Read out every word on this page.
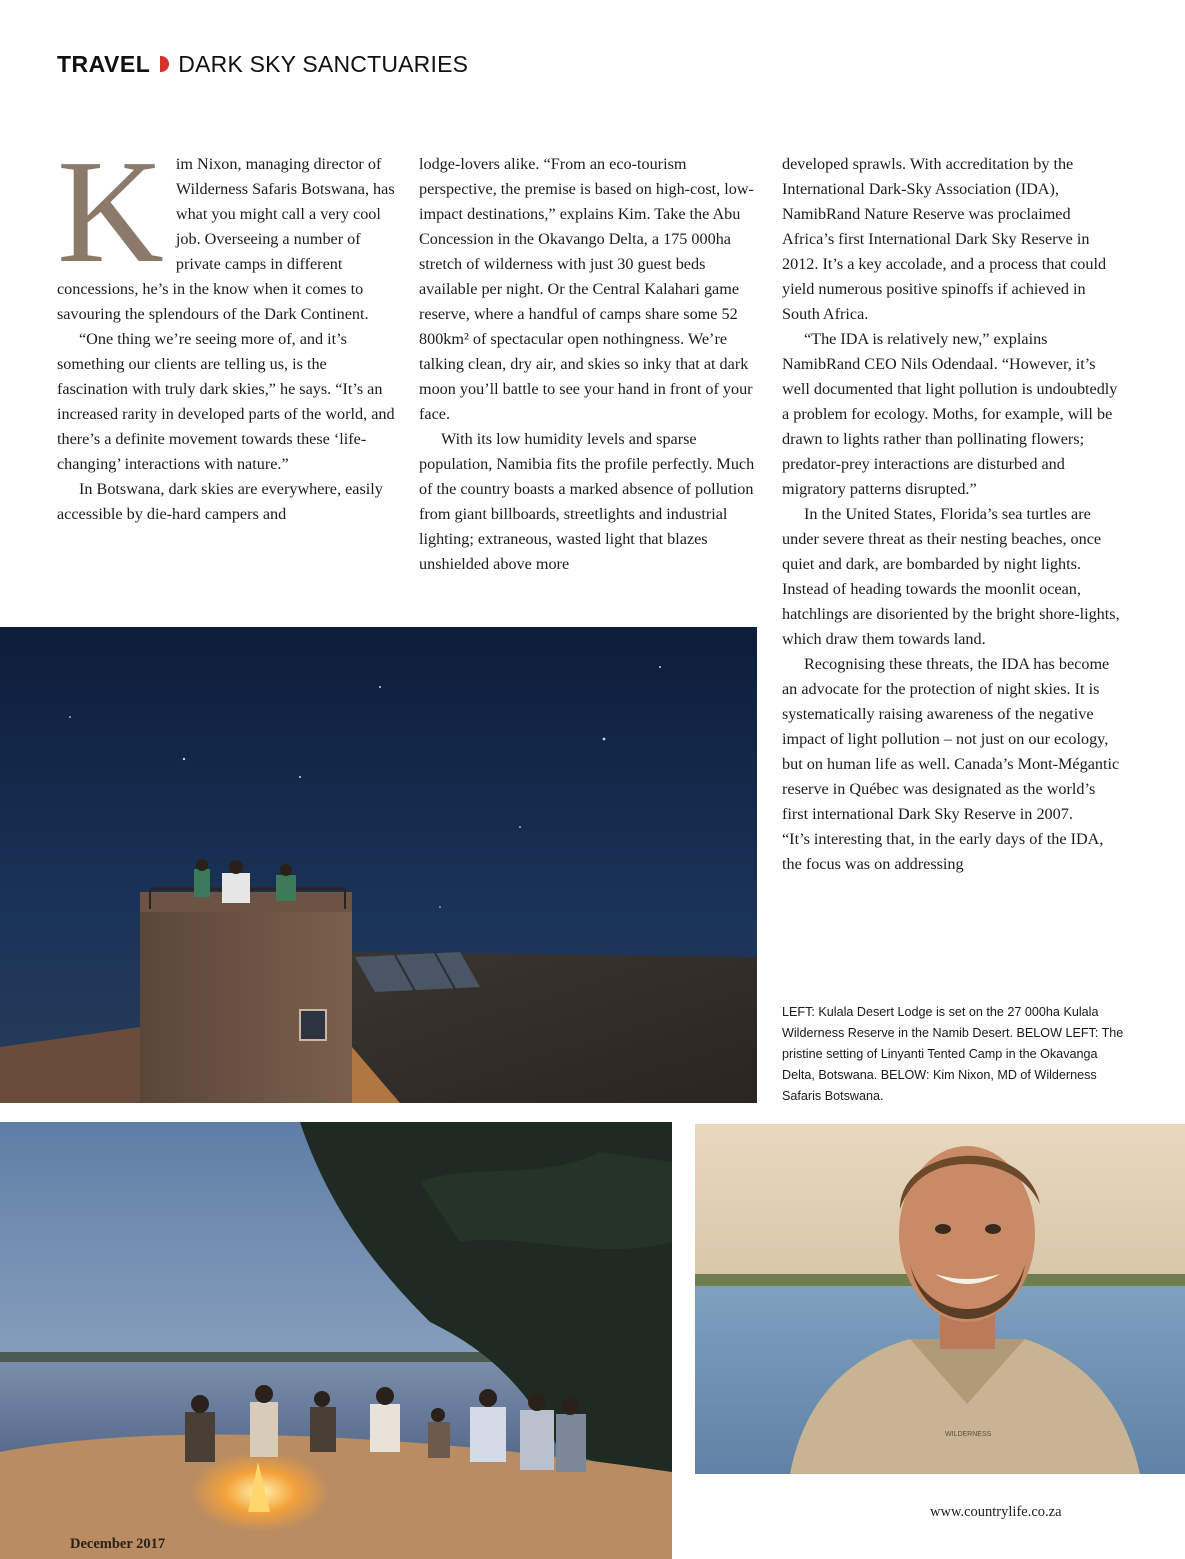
TRAVEL DARK SKY SANCTUARIES

Kim Nixon, managing director of Wilderness Safaris Botswana, has what you might call a very cool job. Overseeing a number of private camps in different concessions, he’s in the know when it comes to savouring the splendours of the Dark Continent.

“One thing we’re seeing more of, and it’s something our clients are telling us, is the fascination with truly dark skies,” he says. “It’s an increased rarity in developed parts of the world, and there’s a definite movement towards these ‘life-changing’ interactions with nature.”

In Botswana, dark skies are everywhere, easily accessible by die-hard campers and

lodge-lovers alike. “From an eco-tourism perspective, the premise is based on high-cost, low-impact destinations,” explains Kim. Take the Abu Concession in the Okavango Delta, a 175 000ha stretch of wilderness with just 30 guest beds available per night. Or the Central Kalahari game reserve, where a handful of camps share some 52 800km² of spectacular open nothingness. We’re talking clean, dry air, and skies so inky that at dark moon you’ll battle to see your hand in front of your face.

With its low humidity levels and sparse population, Namibia fits the profile perfectly. Much of the country boasts a marked absence of pollution from giant billboards, streetlights and industrial lighting; extraneous, wasted light that blazes unshielded above more

developed sprawls. With accreditation by the International Dark-Sky Association (IDA), NamibRand Nature Reserve was proclaimed Africa’s first International Dark Sky Reserve in 2012. It’s a key accolade, and a process that could yield numerous positive spinoffs if achieved in South Africa.

“The IDA is relatively new,” explains NamibRand CEO Nils Odendaal. “However, it’s well documented that light pollution is undoubtedly a problem for ecology. Moths, for example, will be drawn to lights rather than pollinating flowers; predator-prey interactions are disturbed and migratory patterns disrupted.”

In the United States, Florida’s sea turtles are under severe threat as their nesting beaches, once quiet and dark, are bombarded by night lights. Instead of heading towards the moonlit ocean, hatchlings are disoriented by the bright shore-lights, which draw them towards land.

Recognising these threats, the IDA has become an advocate for the protection of night skies. It is systematically raising awareness of the negative impact of light pollution – not just on our ecology, but on human life as well. Canada’s Mont-Mégantic reserve in Québec was designated as the world’s first international Dark Sky Reserve in 2007.

“It’s interesting that, in the early days of the IDA, the focus was on addressing

LEFT: Kulala Desert Lodge is set on the 27 000ha Kulala Wilderness Reserve in the Namib Desert. BELOW LEFT: The pristine setting of Linyanti Tented Camp in the Okavanga Delta, Botswana. BELOW: Kim Nixon, MD of Wilderness Safaris Botswana.
WILDERNESS
December 2017
www.countrylife.co.za
